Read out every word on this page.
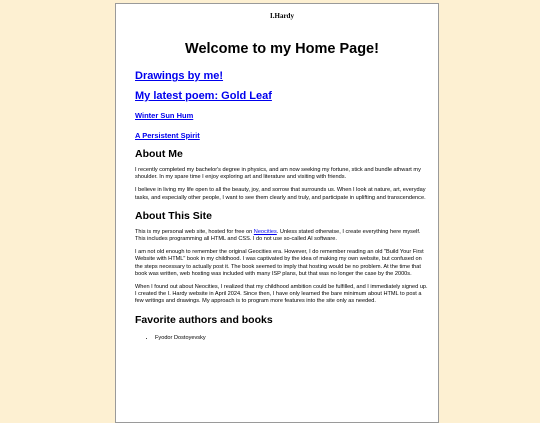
I.Hardy
Welcome to my Home Page!
Drawings by me!
My latest poem: Gold Leaf
Winter Sun Hum
A Persistent Spirit
About Me

I recently completed my bachelor's degree in physics, and am now seeking my fortune, stick and bundle athwart my shoulder. In my spare time I enjoy exploring art and literature and visiting with friends.

I believe in living my life open to all the beauty, joy, and sorrow that surrounds us. When I look at nature, art, everyday tasks, and especially other people, I want to see them clearly and truly, and participate in uplifting and transcendence.

About This Site

This is my personal web site, hosted for free on Neocities. Unless stated otherwise, I create everything here myself. This includes programming all HTML and CSS. I do not use so-called AI software.

I am not old enough to remember the original Geocities era. However, I do remember reading an old "Build Your First Website with HTML" book in my childhood. I was captivated by the idea of making my own website, but confused on the steps necessary to actually post it. The book seemed to imply that hosting would be no problem. At the time that book was written, web hosting was included with many ISP plans, but that was no longer the case by the 2000s.

When I found out about Neocities, I realized that my childhood ambition could be fulfilled, and I immediately signed up. I created the I. Hardy website in April 2024. Since then, I have only learned the bare minimum about HTML to post a few writings and drawings. My approach is to program more features into the site only as needed.

Favorite authors and books
• Fyodor Dostoyevsky
